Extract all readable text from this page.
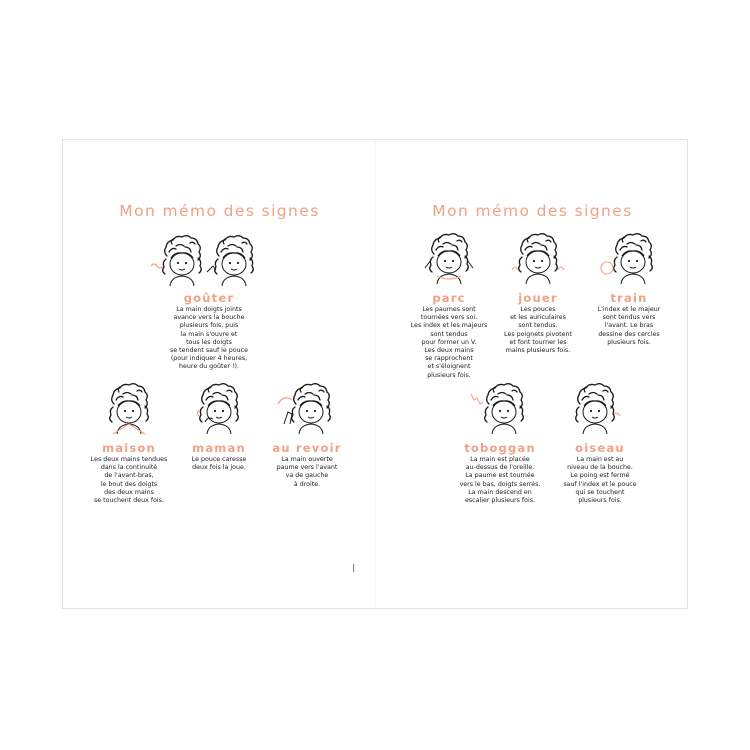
Mon mémo des signes
goûter
La main doigts joints
avance vers la bouche
plusieurs fois, puis
la main s'ouvre et
tous les doigts
se tendent sauf le pouce
(pour indiquer 4 heures,
heure du goûter !).
maison
Les deux mains tendues
dans la continuité
de l'avant-bras,
le bout des doigts
des deux mains
se touchent deux fois.
maman
Le pouce caresse
deux fois la joue.
au revoir
La main ouverte
paume vers l'avant
va de gauche
à droite.
Mon mémo des signes
parc
Les paumes sont
tournées vers soi.
Les index et les majeurs
sont tendus
pour former un V.
Les deux mains
se rapprochent
et s'éloignent
plusieurs fois.
jouer
Les pouces
et les auriculaires
sont tendus.
Les poignets pivotent
et font tourner les
mains plusieurs fois.
train
L'index et le majeur
sont tendus vers
l'avant. Le bras
dessine des cercles
plusieurs fois.
toboggan
La main est placée
au-dessus de l'oreille.
La paume est tournée
vers le bas, doigts serrés.
La main descend en
escalier plusieurs fois.
oiseau
La main est au
niveau de la bouche.
Le poing est fermé
sauf l'index et le pouce
qui se touchent
plusieurs fois.
